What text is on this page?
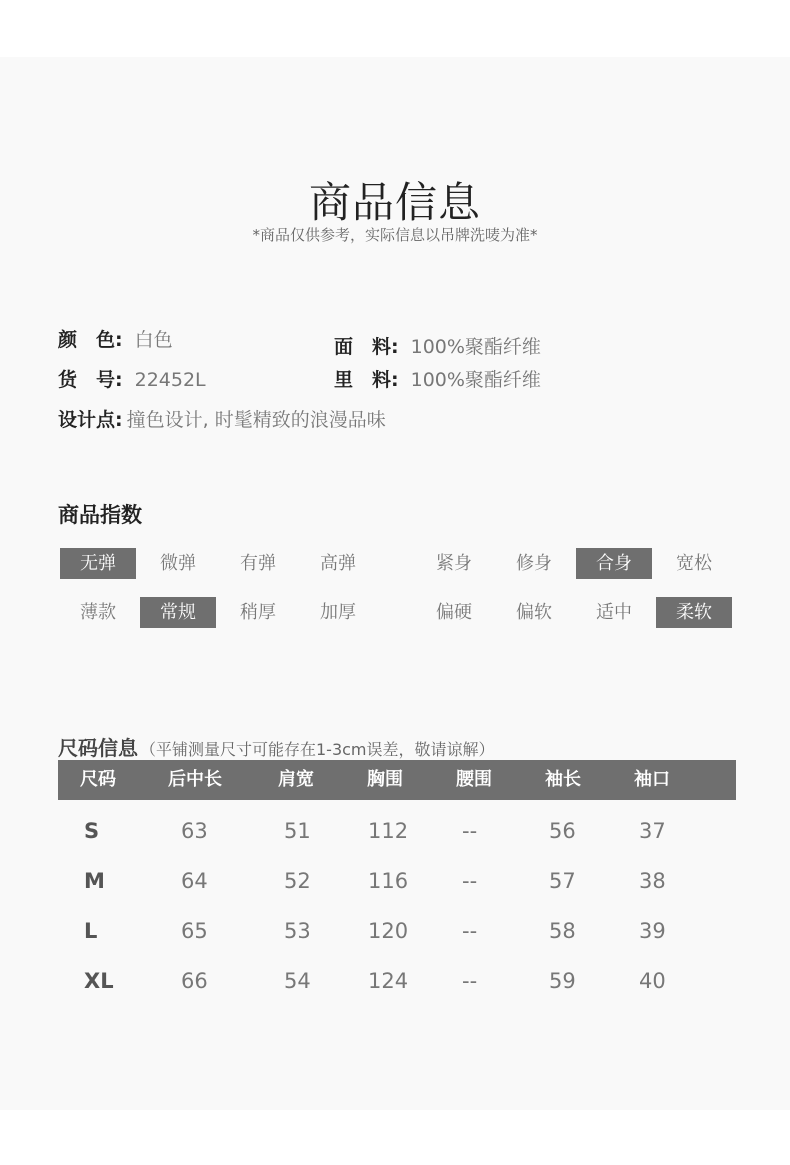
商品信息
*商品仅供参考，实际信息以吊牌洗唛为准*
颜　色: 白色
货　号: 22452L
面　料: 100%聚酯纤维
里　料: 100%聚酯纤维
设计点: 撞色设计, 时髦精致的浪漫品味
商品指数
无弹	微弹	有弹	高弹	紧身	修身	合身	宽松
薄款	常规	稍厚	加厚	偏硬	偏软	适中	柔软
尺码信息 （平铺测量尺寸可能存在1-3cm误差，敬请谅解）
尺码	后中长	肩宽	胸围	腰围	袖长	袖口
S	63	51	112	--	56	37
M	64	52	116	--	57	38
L	65	53	120	--	58	39
XL	66	54	124	--	59	40
